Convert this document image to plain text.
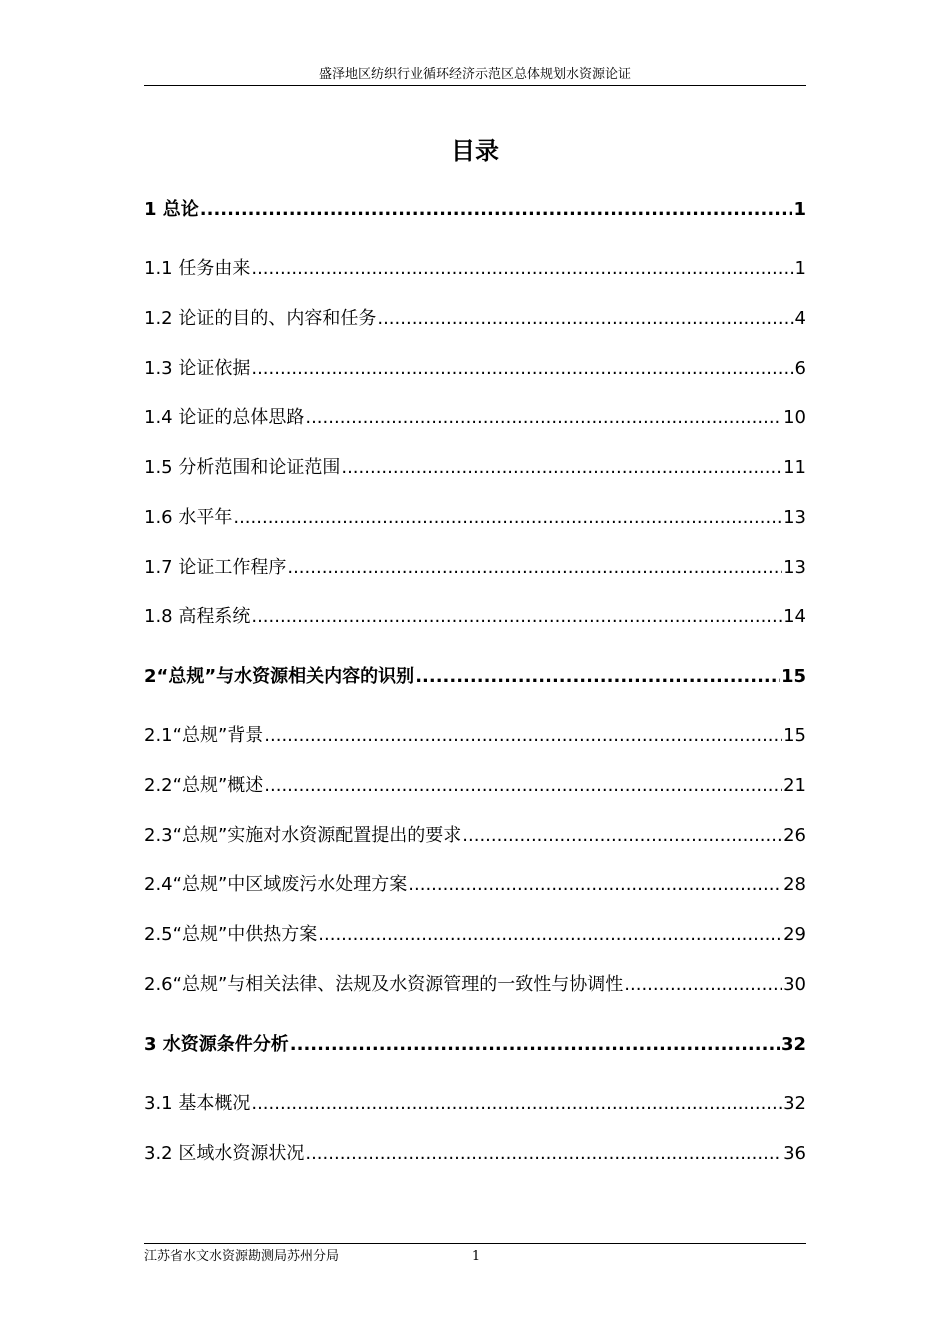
盛泽地区纺织行业循环经济示范区总体规划水资源论证
目录
1 总论 .....	1
1.1 任务由来 .....	1
1.2 论证的目的、内容和任务 .....	4
1.3 论证依据 .....	6
1.4 论证的总体思路 .....	10
1.5 分析范围和论证范围 .....	11
1.6 水平年 .....	13
1.7 论证工作程序 .....	13
1.8 高程系统 .....	14
2“总规”与水资源相关内容的识别 .....	15
2.1“总规”背景 .....	15
2.2“总规”概述 .....	21
2.3“总规”实施对水资源配置提出的要求 .....	26
2.4“总规”中区域废污水处理方案 .....	28
2.5“总规”中供热方案 .....	29
2.6“总规”与相关法律、法规及水资源管理的一致性与协调性 .....	30
3 水资源条件分析 .....	32
3.1 基本概况 .....	32
3.2 区域水资源状况 .....	36
江苏省水文水资源勘测局苏州分局	1
